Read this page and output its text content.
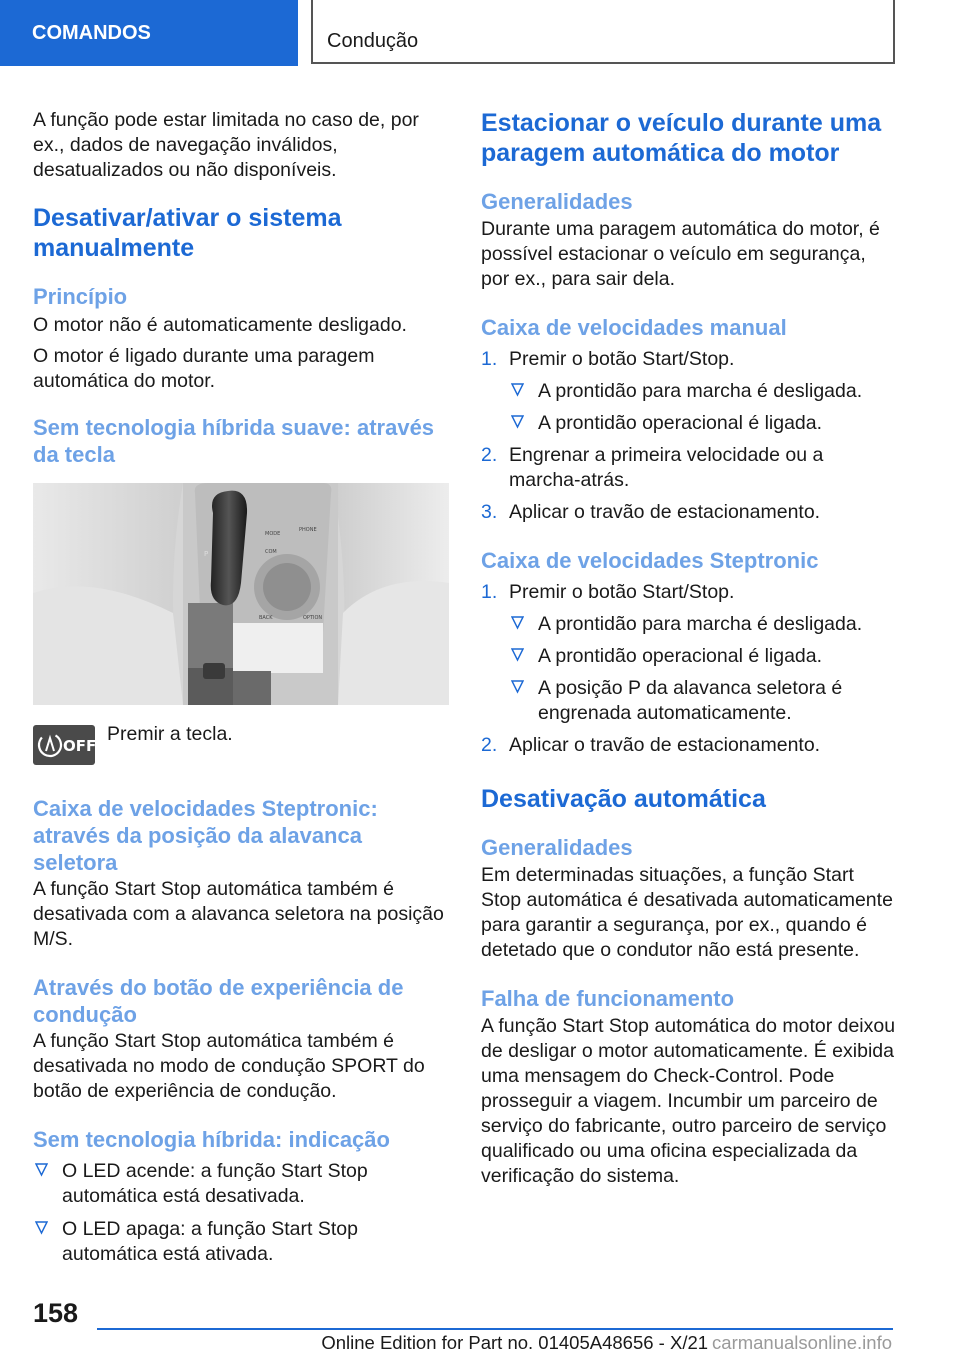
COMANDOS	Condução

A função pode estar limitada no caso de, por ex., dados de navegação inválidos, desatualizados ou não disponíveis.

Desativar/ativar o sistema manualmente
Princípio

O motor não é automaticamente desligado.

O motor é ligado durante uma paragem automática do motor.

Sem tecnologia híbrida suave: através da tecla
MODE
PHONE
COM
BACK	OPTION
P
OFF

Premir a tecla.

Caixa de velocidades Steptronic: através da posição da alavanca seletora

A função Start Stop automática também é desativada com a alavanca seletora na posição M/S.

Através do botão de experiência de condução

A função Start Stop automática também é desativada no modo de condução SPORT do botão de experiência de condução.

Sem tecnologia híbrida: indicação
O LED acende: a função Start Stop automática está desativada.
O LED apaga: a função Start Stop automática está ativada.
Estacionar o veículo durante uma paragem automática do motor
Generalidades

Durante uma paragem automática do motor, é possível estacionar o veículo em segurança, por ex., para sair dela.

Caixa de velocidades manual
1. Premir o botão Start/Stop.
A prontidão para marcha é desligada.
A prontidão operacional é ligada.
2. Engrenar a primeira velocidade ou a marcha-atrás.
3. Aplicar o travão de estacionamento.
Caixa de velocidades Steptronic
1. Premir o botão Start/Stop.
A prontidão para marcha é desligada.
A prontidão operacional é ligada.
A posição P da alavanca seletora é engrenada automaticamente.
2. Aplicar o travão de estacionamento.
Desativação automática
Generalidades

Em determinadas situações, a função Start Stop automática é desativada automaticamente para garantir a segurança, por ex., quando é detetado que o condutor não está presente.

Falha de funcionamento

A função Start Stop automática do motor deixou de desligar o motor automaticamente. É exibida uma mensagem do Check-Control. Pode prosseguir a viagem. Incumbir um parceiro de serviço do fabricante, outro parceiro de serviço qualificado ou uma oficina especializada da verificação do sistema.

158
Online Edition for Part no. 01405A48656 - X/21 carmanualsonline.info
